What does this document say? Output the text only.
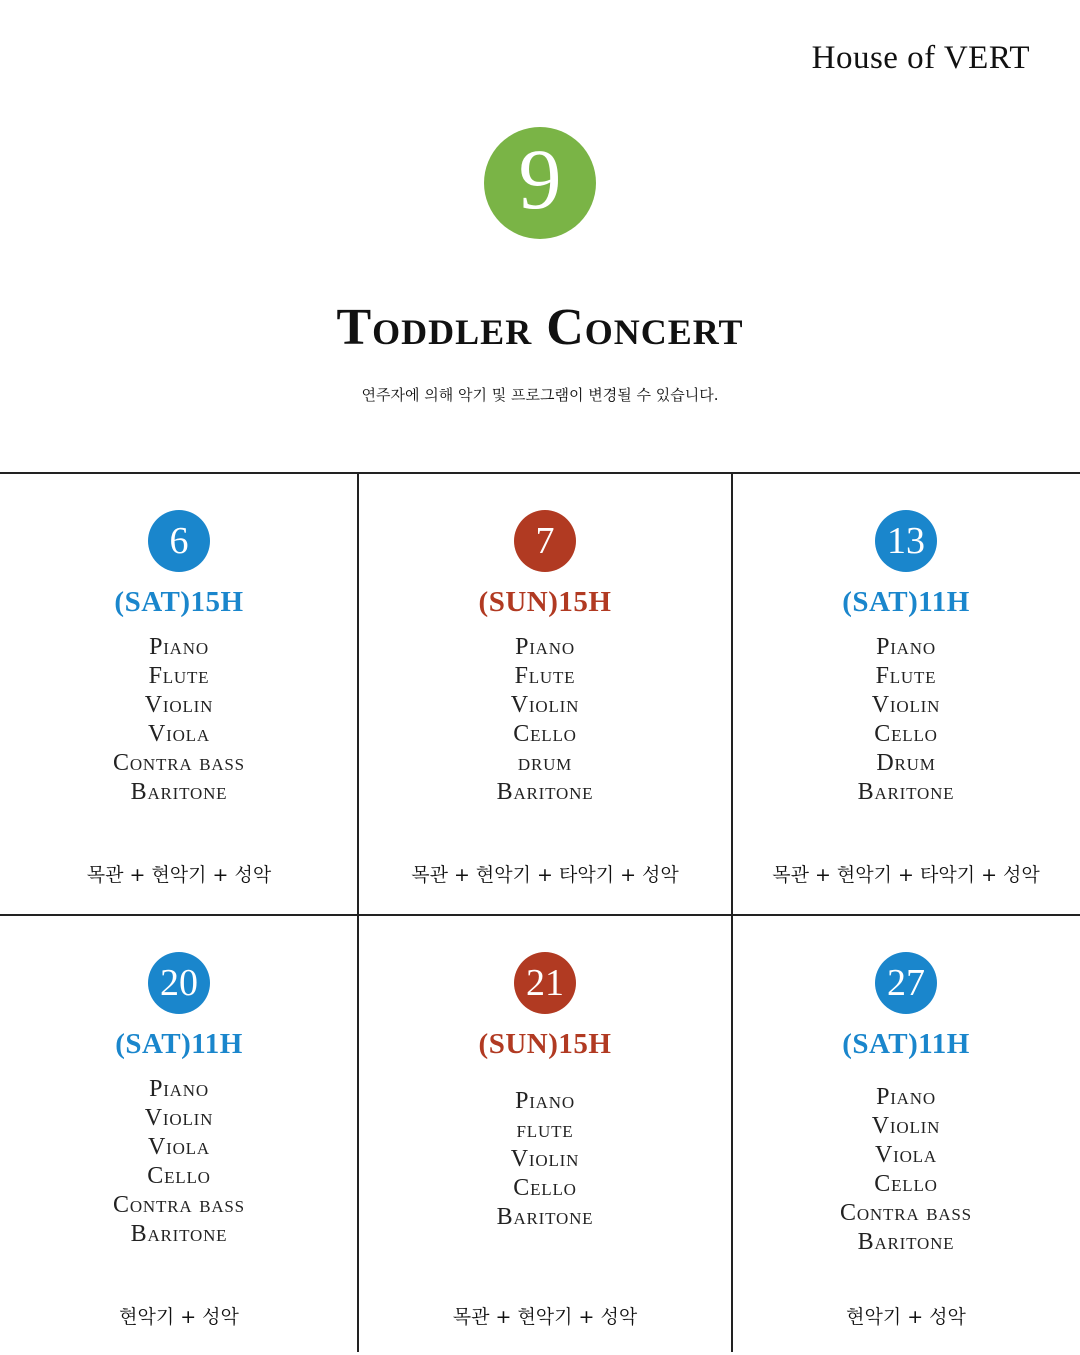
House of VERT
9
Toddler Concert
연주자에 의해 악기 및 프로그램이 변경될 수 있습니다.
6
(SAT)15H
Piano
Flute
Violin
Viola
Contra bass
Baritone
목관 + 현악기 + 성악
7
(SUN)15H
Piano
Flute
Violin
Cello
drum
Baritone
목관 + 현악기 + 타악기 + 성악
13
(SAT)11H
Piano
Flute
Violin
Cello
Drum
Baritone
목관 + 현악기 + 타악기 + 성악
20
(SAT)11H
Piano
Violin
Viola
Cello
Contra bass
Baritone
현악기 + 성악
21
(SUN)15H
Piano
flute
Violin
Cello
Baritone
목관 + 현악기 + 성악
27
(SAT)11H
Piano
Violin
Viola
Cello
Contra bass
Baritone
현악기 + 성악
